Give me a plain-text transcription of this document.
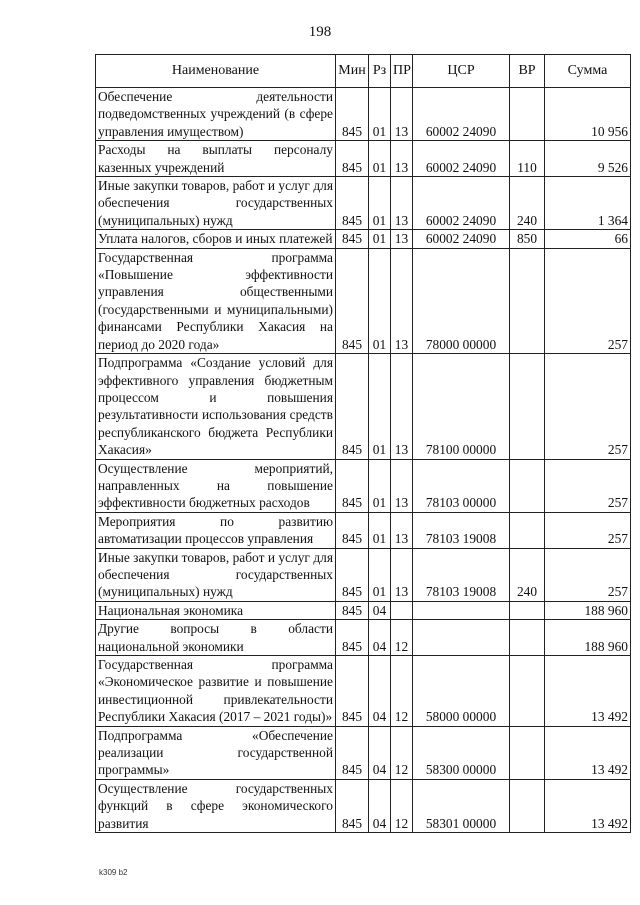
198
Наименование	Мин	Рз	ПР	ЦСР	ВР	Сумма
Обеспечение деятельности подведомственных учреждений (в сфере управления имуществом)	845	01	13	60002 24090		10 956
Расходы на выплаты персоналу казенных учреждений	845	01	13	60002 24090	110	9 526
Иные закупки товаров, работ и услуг для обеспечения государственных (муниципальных) нужд	845	01	13	60002 24090	240	1 364
Уплата налогов, сборов и иных платежей	845	01	13	60002 24090	850	66
Государственная программа «Повышение эффективности управления общественными (государственными и муниципальными) финансами Республики Хакасия на период до 2020 года»	845	01	13	78000 00000		257
Подпрограмма «Создание условий для эффективного управления бюджетным процессом и повышения результативности использования средств республиканского бюджета Республики Хакасия»	845	01	13	78100 00000		257
Осуществление мероприятий, направленных на повышение эффективности бюджетных расходов	845	01	13	78103 00000		257
Мероприятия по развитию автоматизации процессов управления	845	01	13	78103 19008		257
Иные закупки товаров, работ и услуг для обеспечения государственных (муниципальных) нужд	845	01	13	78103 19008	240	257
Национальная экономика	845	04				188 960
Другие вопросы в области национальной экономики	845	04	12			188 960
Государственная программа «Экономическое развитие и повышение инвестиционной привлекательности Республики Хакасия (2017 – 2021 годы)»	845	04	12	58000 00000		13 492
Подпрограмма «Обеспечение реализации государственной программы»	845	04	12	58300 00000		13 492
Осуществление государственных функций в сфере экономического развития	845	04	12	58301 00000		13 492
k309 b2
